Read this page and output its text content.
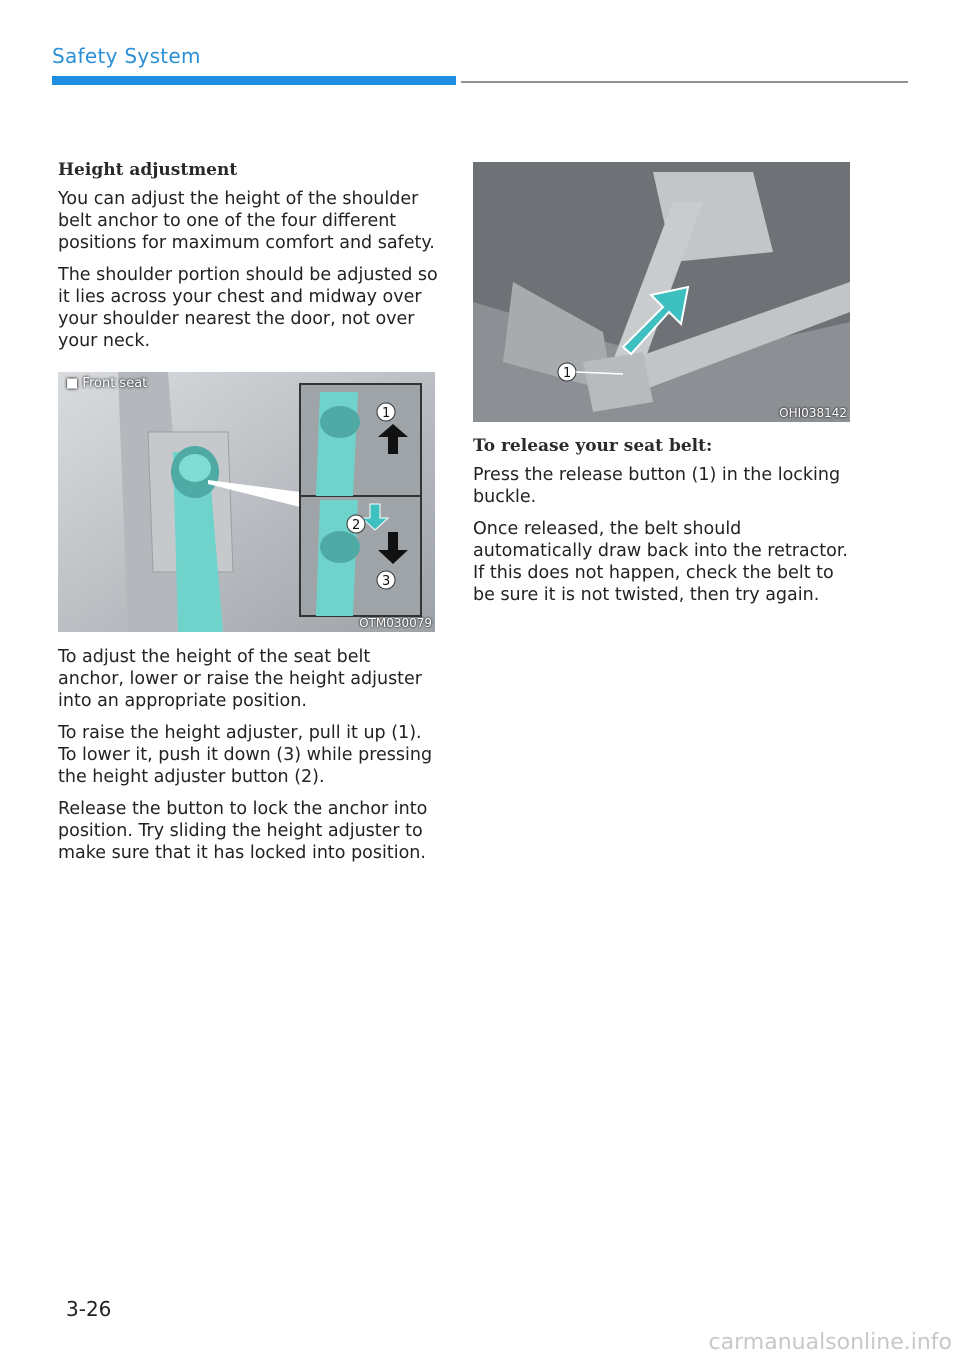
Safety System
Height adjustment

You can adjust the height of the shoulder belt anchor to one of the four different positions for maximum comfort and safety.

The shoulder portion should be adjusted so it lies across your chest and midway over your shoulder nearest the door, not over your neck.

1
2
3
■ Front seat
OTM030079

To adjust the height of the seat belt anchor, lower or raise the height adjuster into an appropriate position.

To raise the height adjuster, pull it up (1). To lower it, push it down (3) while pressing the height adjuster button (2).

Release the button to lock the anchor into position. Try sliding the height adjuster to make sure that it has locked into position.

1
OHI038142
To release your seat belt:

Press the release button (1) in the locking buckle.

Once released, the belt should automatically draw back into the retractor. If this does not happen, check the belt to be sure it is not twisted, then try again.

3-26
carmanualsonline.info
